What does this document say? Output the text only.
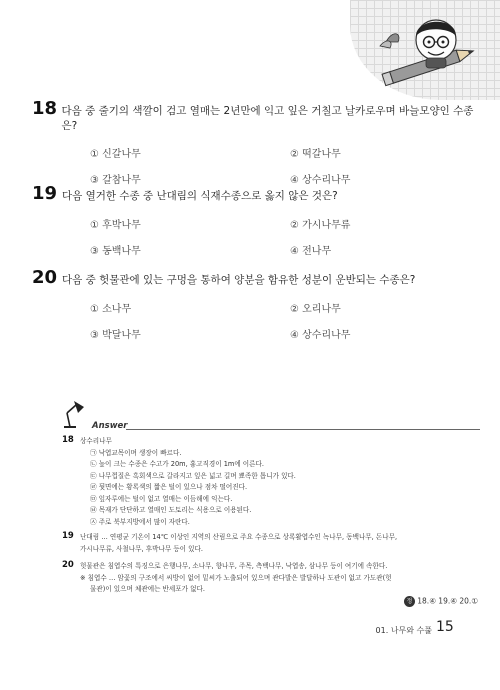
18 다음 중 줄기의 색깔이 검고 열매는 2년만에 익고 잎은 거칠고 날카로우며 바늘모양인 수종은?
① 신갈나무	② 떡갈나무
③ 갈참나무	④ 상수리나무
19 다음 열거한 수종 중 난대림의 식재수종으로 옳지 않은 것은?
① 후박나무	② 가시나무류
③ 동백나무	④ 전나무
20 다음 중 헛물관에 있는 구멍을 통하여 양분을 함유한 성분이 운반되는 수종은?
① 소나무	② 오리나무
③ 박달나무	④ 상수리나무
Answer
18 상수리나무
㉠ 낙엽교목이며 생장이 빠르다.
㉡ 높이 크는 수종은 수고가 20m, 흉고직경이 1m에 이른다.
㉢ 나무껍질은 흑회색으로 갈라지고 잎은 넓고 길며 뾰족한 톱니가 있다.
㉣ 뒷면에는 황록색의 짧은 털이 있으나 점차 떨어진다.
㉤ 잎자루에는 털이 없고 열매는 이듬해에 익는다.
㉥ 목재가 단단하고 열매인 도토리는 식용으로 이용된다.
㉦ 주로 북부지방에서 많이 자란다.
19 난대림 … 연평균 기온이 14℃ 이상인 지역의 산림으로 주요 수종으로 상록활엽수인 녹나무, 동백나무, 돈나무,
가시나무류, 사철나무, 후박나무 등이 있다.
20 헛물관은 침엽수의 특징으로 은행나무, 소나무, 향나무, 주목, 측백나무, 낙엽송, 삼나무 등이 여기에 속한다.
※ 침엽수 … 암꽃의 구조에서 씨방이 없어 밑씨가 노출되어 있으며 관다발은 발달하나 도관이 없고 가도관(헛
물관)이 있으며 체관에는 반세포가 없다.
정 18.④ 19.④ 20.①
01. 나무와 수풀 15
